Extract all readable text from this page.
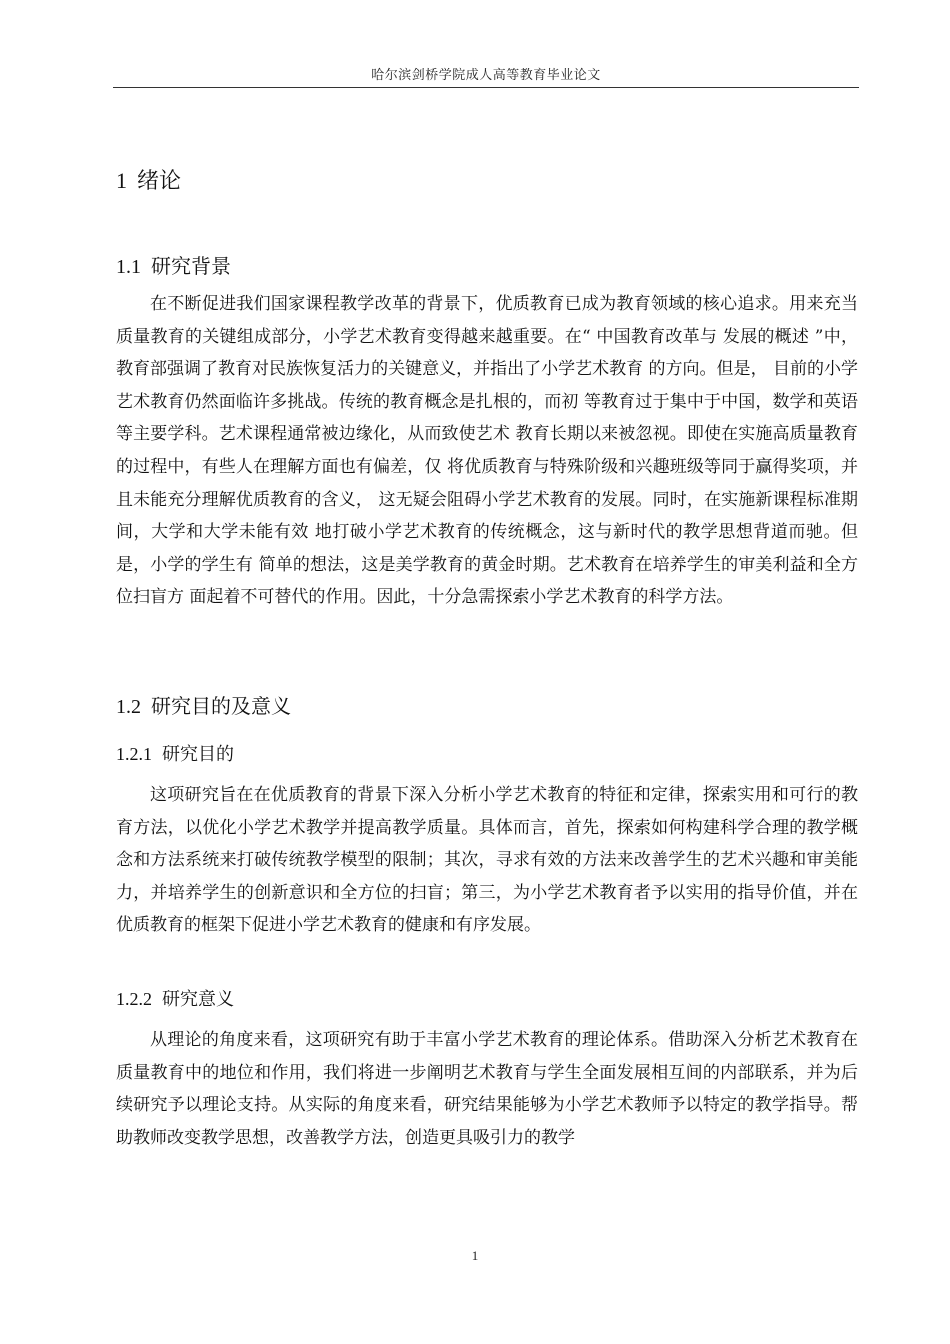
哈尔滨剑桥学院成人高等教育毕业论文
1 绪论
1.1 研究背景

在不断促进我们国家课程教学改革的背景下，优质教育已成为教育领域的核心追求。用来充当质量教育的关键组成部分，小学艺术教育变得越来越重要。在“ 中国教育改革与 发展的概述 ”中，教育部强调了教育对民族恢复活力的关键意义，并指出了小学艺术教育 的方向。但是， 目前的小学艺术教育仍然面临许多挑战。传统的教育概念是扎根的，而初 等教育过于集中于中国，数学和英语等主要学科。艺术课程通常被边缘化，从而致使艺术 教育长期以来被忽视。即使在实施高质量教育的过程中，有些人在理解方面也有偏差，仅 将优质教育与特殊阶级和兴趣班级等同于赢得奖项，并且未能充分理解优质教育的含义， 这无疑会阻碍小学艺术教育的发展。同时，在实施新课程标准期间，大学和大学未能有效 地打破小学艺术教育的传统概念，这与新时代的教学思想背道而驰。但是，小学的学生有 简单的想法，这是美学教育的黄金时期。艺术教育在培养学生的审美利益和全方位扫盲方 面起着不可替代的作用。因此，十分急需探索小学艺术教育的科学方法。

1.2 研究目的及意义
1.2.1 研究目的

这项研究旨在在优质教育的背景下深入分析小学艺术教育的特征和定律，探索实用和可行的教育方法，以优化小学艺术教学并提高教学质量。具体而言，首先，探索如何构建科学合理的教学概念和方法系统来打破传统教学模型的限制；其次，寻求有效的方法来改善学生的艺术兴趣和审美能力，并培养学生的创新意识和全方位的扫盲；第三，为小学艺术教育者予以实用的指导价值，并在优质教育的框架下促进小学艺术教育的健康和有序发展。

1.2.2 研究意义

从理论的角度来看，这项研究有助于丰富小学艺术教育的理论体系。借助深入分析艺术教育在质量教育中的地位和作用，我们将进一步阐明艺术教育与学生全面发展相互间的内部联系，并为后续研究予以理论支持。从实际的角度来看，研究结果能够为小学艺术教师予以特定的教学指导。帮助教师改变教学思想，改善教学方法，创造更具吸引力的教学

1
